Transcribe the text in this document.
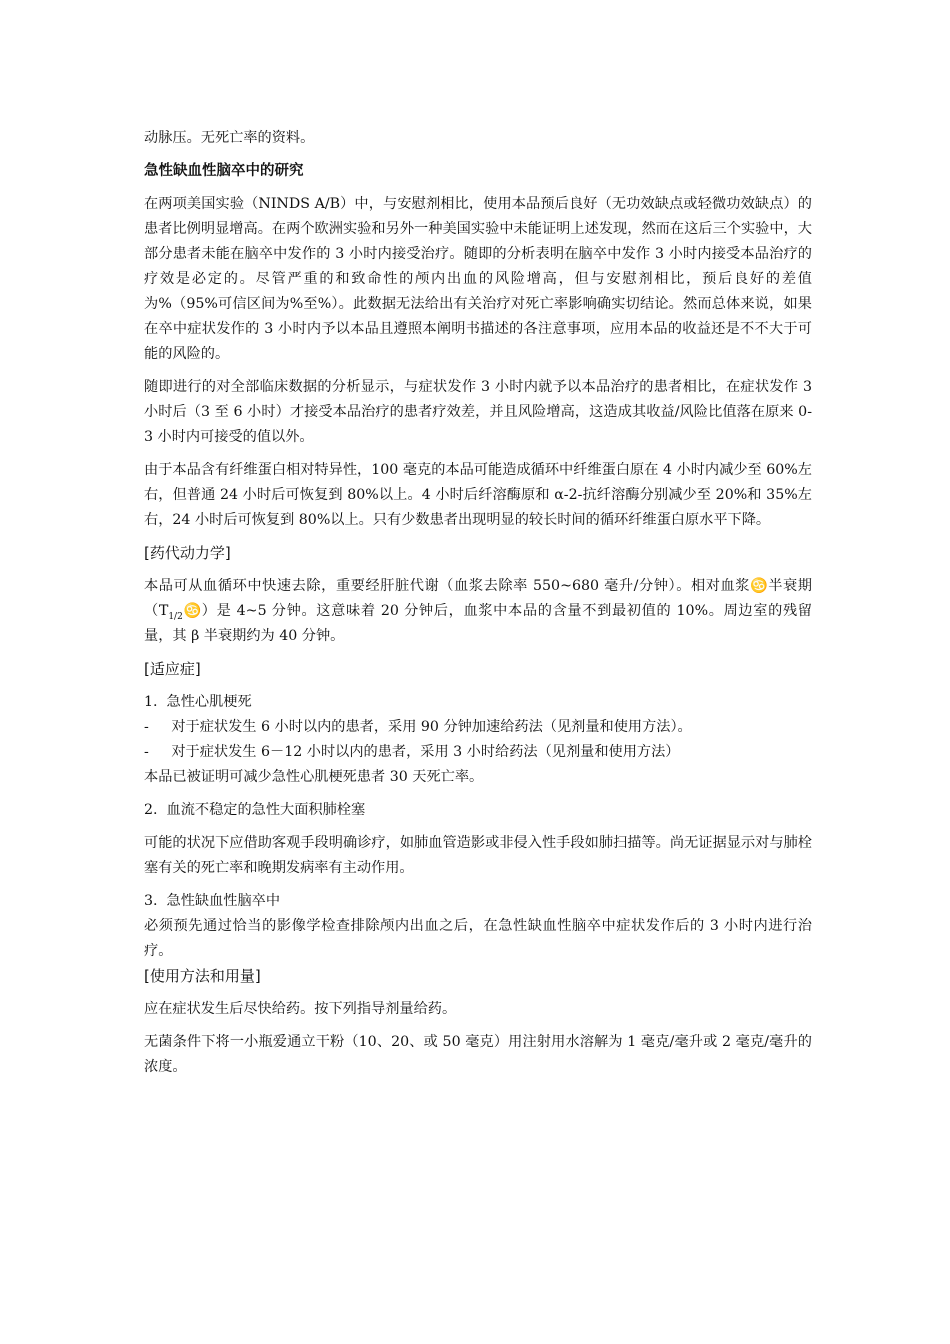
动脉压。无死亡率的资料。

急性缺血性脑卒中的研究

在两项美国实验（NINDS A/B）中，与安慰剂相比，使用本品预后良好（无功效缺点或轻微功效缺点）的患者比例明显增高。在两个欧洲实验和另外一种美国实验中未能证明上述发现，然而在这后三个实验中，大部分患者未能在脑卒中发作的 3 小时内接受治疗。随即的分析表明在脑卒中发作 3 小时内接受本品治疗的疗效是必定的。尽管严重的和致命性的颅内出血的风险增高，但与安慰剂相比，预后良好的差值为%（95%可信区间为%至%）。此数据无法给出有关治疗对死亡率影响确实切结论。然而总体来说，如果在卒中症状发作的 3 小时内予以本品且遵照本阐明书描述的各注意事项，应用本品的收益还是不不大于可能的风险的。

随即进行的对全部临床数据的分析显示，与症状发作 3 小时内就予以本品治疗的患者相比，在症状发作 3 小时后（3 至 6 小时）才接受本品治疗的患者疗效差，并且风险增高，这造成其收益/风险比值落在原来 0-3 小时内可接受的值以外。

由于本品含有纤维蛋白相对特异性，100 毫克的本品可能造成循环中纤维蛋白原在 4 小时内减少至 60%左右，但普通 24 小时后可恢复到 80%以上。4 小时后纤溶酶原和 α-2-抗纤溶酶分别减少至 20%和 35%左右，24 小时后可恢复到 80%以上。只有少数患者出现明显的较长时间的循环纤维蛋白原水平下降。

[药代动力学]

本品可从血循环中快速去除，重要经肝脏代谢（血浆去除率 550~680 毫升/分钟）。相对血浆♋半衰期$(T_{1/2}♋)$是 4~5 分钟。这意味着 20 分钟后，血浆中本品的含量不到最初值的 10%。周边室的残留量，其 β 半衰期约为 40 分钟。

[适应症]

1.  急性心肌梗死
-     对于症状发生 6 小时以内的患者，采用 90 分钟加速给药法（见剂量和使用方法）。
-     对于症状发生 6－12 小时以内的患者，采用 3 小时给药法（见剂量和使用方法）

本品已被证明可减少急性心肌梗死患者 30 天死亡率。

2.  血流不稳定的急性大面积肺栓塞

可能的状况下应借助客观手段明确诊疗，如肺血管造影或非侵入性手段如肺扫描等。尚无证据显示对与肺栓塞有关的死亡率和晚期发病率有主动作用。

3.  急性缺血性脑卒中

必须预先通过恰当的影像学检查排除颅内出血之后，在急性缺血性脑卒中症状发作后的 3 小时内进行治疗。

[使用方法和用量]

应在症状发生后尽快给药。按下列指导剂量给药。

无菌条件下将一小瓶爱通立干粉（10、20、或 50 毫克）用注射用水溶解为 1 毫克/毫升或 2 毫克/毫升的浓度。
